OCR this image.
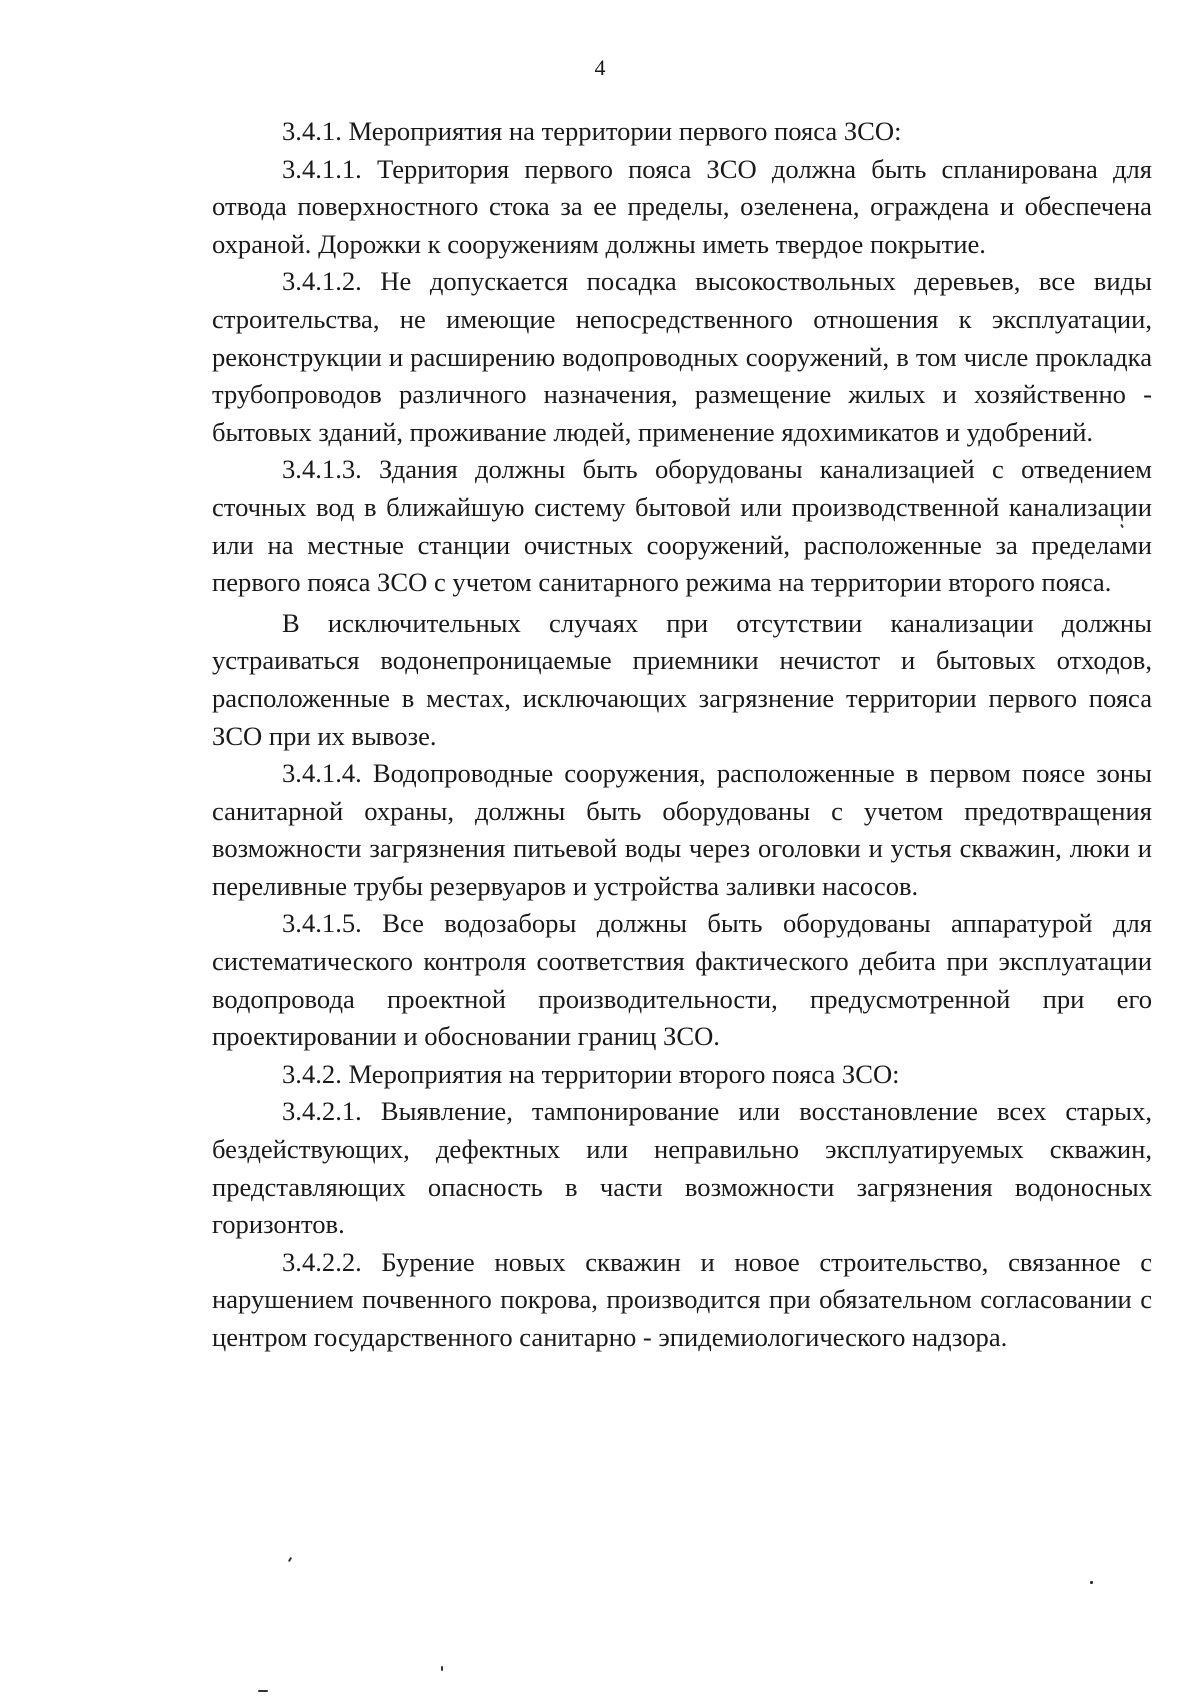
4

3.4.1. Мероприятия на территории первого пояса ЗСО:

3.4.1.1. Территория первого пояса ЗСО должна быть спланирована для отвода поверхностного стока за ее пределы, озеленена, ограждена и обеспечена охраной. Дорожки к сооружениям должны иметь твердое покрытие.

3.4.1.2. Не допускается посадка высокоствольных деревьев, все виды строительства, не имеющие непосредственного отношения к эксплуатации, реконструкции и расширению водопроводных сооружений, в том числе прокладка трубопроводов различного назначения, размещение жилых и хозяйственно - бытовых зданий, проживание людей, применение ядохимикатов и удобрений.

3.4.1.3. Здания должны быть оборудованы канализацией с отведением сточных вод в ближайшую систему бытовой или производственной канализации или на местные станции очистных сооружений, расположенные за пределами первого пояса ЗСО с учетом санитарного режима на территории второго пояса.

В исключительных случаях при отсутствии канализации должны устраиваться водонепроницаемые приемники нечистот и бытовых отходов, расположенные в местах, исключающих загрязнение территории первого пояса ЗСО при их вывозе.

3.4.1.4. Водопроводные сооружения, расположенные в первом поясе зоны санитарной охраны, должны быть оборудованы с учетом предотвращения возможности загрязнения питьевой воды через оголовки и устья скважин, люки и переливные трубы резервуаров и устройства заливки насосов.

3.4.1.5. Все водозаборы должны быть оборудованы аппаратурой для систематического контроля соответствия фактического дебита при эксплуатации водопровода проектной производительности, предусмотренной при его проектировании и обосновании границ ЗСО.

3.4.2. Мероприятия на территории второго пояса ЗСО:

3.4.2.1. Выявление, тампонирование или восстановление всех старых, бездействующих, дефектных или неправильно эксплуатируемых скважин, представляющих опасность в части возможности загрязнения водоносных горизонтов.

3.4.2.2. Бурение новых скважин и новое строительство, связанное с нарушением почвенного покрова, производится при обязательном согласовании с центром государственного санитарно - эпидемиологического надзора.
